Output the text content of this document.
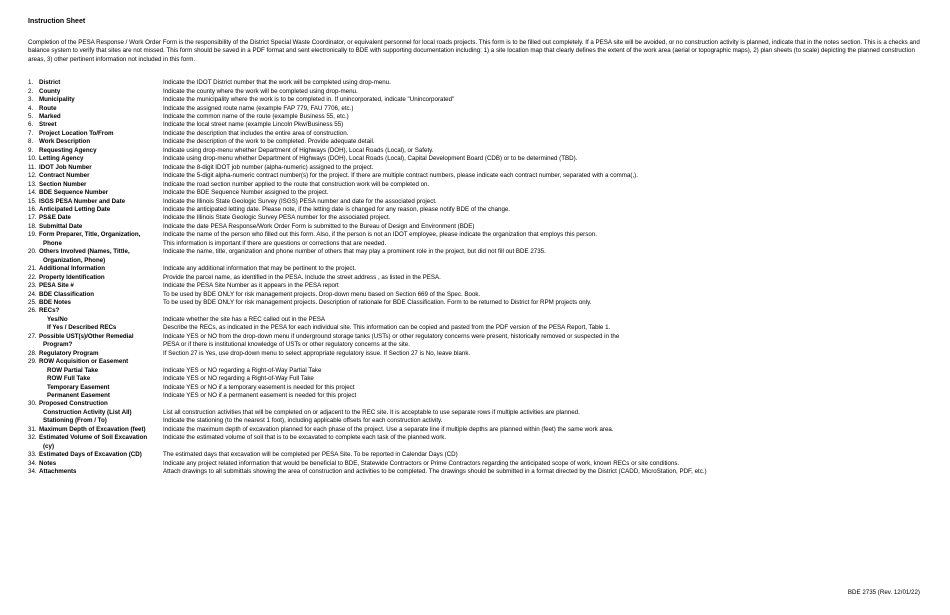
Instruction Sheet
Completion of the PESA Response / Work Order Form is the responsibility of the District Special Waste Coordinator, or equivalent personnel for local roads projects. This form is to be filled out completely. If a PESA site will be avoided, or no construction activity is planned, indicate that in the notes section. This is a checks and balance system to verify that sites are not missed. This form should be saved in a PDF format and sent electronically to BDE with supporting documentation including: 1) a site location map that clearly defines the extent of the work area (aerial or topographic maps), 2) plan sheets (to scale) depicting the planned construction areas, 3) other pertinent information not included in this form.
1. District	Indicate the IDOT District number that the work will be completed using drop-menu.
2. County	Indicate the county where the work will be completed using drop-menu.
3. Municipality	Indicate the municipality where the work is to be completed in. If unincorporated, indicate "Unincorporated"
4. Route	Indicate the assigned route name (example FAP 779, FAU 7706, etc.)
5. Marked	Indicate the common name of the route (example Business 55, etc.)
6. Street	Indicate the local street name (example Lincoln Pkw/Business 55)
7. Project Location To/From	Indicate the description that includes the entire area of construction.
8. Work Description	Indicate the description of the work to be completed. Provide adequate detail.
9. Requesting Agency	Indicate using drop-menu whether Department of Highways (DOH), Local Roads (Local), or Safety.
10. Letting Agency	Indicate using drop-menu whether Department of Highways (DOH), Local Roads (Local), Capital Development Board (CDB) or to be determined (TBD).
11. IDOT Job Number	Indicate the 8-digit IDOT job number (alpha-numeric) assigned to the project.
12. Contract Number	Indicate the 5-digit alpha-numeric contract number(s) for the project. If there are multiple contract numbers, please indicate each contract number, separated with a comma(,).
13. Section Number	Indicate the road section number applied to the route that construction work will be completed on.
14. BDE Sequence Number	Indicate the BDE Sequence Number assigned to the project.
15. ISGS PESA Number and Date	Indicate the Illinois State Geologic Survey (ISGS) PESA number and date for the associated project.
16. Anticipated Letting Date	Indicate the anticipated letting date. Please note, if the letting date is changed for any reason, please notify BDE of the change.
17. PS&E Date	Indicate the Illinois State Geologic Survey PESA number for the associated project.
18. Submittal Date	Indicate the date PESA Response/Work Order Form is submitted to the Bureau of Design and Environment (BDE)
19. Form Preparer, Title, Organization,	Indicate the name of the person who filled out this form. Also, if the person is not an IDOT employee, please indicate the organization that employs this person.
Phone	This information is important if there are questions or corrections that are needed.
20. Others Involved (Names, Tittle,	Indicate the name, title, organization and phone number of others that may play a prominent role in the project, but did not fill out BDE 2735.
Organization, Phone)
21. Additional Information	Indicate any additional information that may be pertinent to the project.
22. Property Identification	Provide the parcel name, as identified in the PESA. Include the street address , as listed in the PESA.
23. PESA Site #	Indicate the PESA Site Number as it appears in the PESA report
24. BDE Classification	To be used by BDE ONLY for risk management projects. Drop-down menu based on Section 669 of the Spec. Book.
25. BDE Notes	To be used by BDE ONLY for risk management projects. Description of rationale for BDE Classification. Form to be returned to District for RPM projects only.
26. RECs?
Yes/No	Indicate whether the site has a REC called out in the PESA
If Yes / Described RECs	Describe the RECs, as indicated in the PESA for each individual site. This information can be copied and pasted from the PDF version of the PESA Report, Table 1.
27. Possible UST(s)/Other Remedial	Indicate YES or NO from the drop-down menu if underground storage tanks (USTs) or other regulatory concerns were present, historically removed or suspected in the
Program?	PESA or if there is institutional knowledge of USTs or other regulatory concerns at the site.
28. Regulatory Program	If Section 27 is Yes, use drop-down menu to select appropriate regulatory issue. If Section 27 is No, leave blank.
29. ROW Acquisition or Easement
ROW Partial Take	Indicate YES or NO regarding a Right-of-Way Partial Take
ROW Full Take	Indicate YES or NO regarding a Right-of-Way Full Take
Temporary Easement	Indicate YES or NO if a temporary easement is needed for this project
Permanent Easement	Indicate YES or NO if a permanent easement is needed for this project
30. Proposed Construction
Construction Activity (List All)	List all construction activities that will be completed on or adjacent to the REC site. It is acceptable to use separate rows if multiple activities are planned.
Stationing (From / To)	Indicate the stationing (to the nearest 1 foot), including applicable offsets for each construction activity.
31. Maximum Depth of Excavation (feet)	Indicate the maximum depth of excavation planned for each phase of the project. Use a separate line if multiple depths are planned within (feet) the same work area.
32. Estimated Volume of Soil Excavation	Indicate the estimated volume of soil that is to be excavated to complete each task of the planned work.
(cy)
33. Estimated Days of Excavation (CD)	The estimated days that excavation will be completed per PESA Site. To be reported in Calendar Days (CD)
34. Notes	Indicate any project related information that would be beneficial to BDE, Statewide Contractors or Prime Contractors regarding the anticipated scope of work, known RECs or site conditions.
34. Attachments	Attach drawings to all submittals showing the area of construction and activities to be completed. The drawings should be submitted in a format directed by the District (CADD, MicroStation, PDF, etc.)
BDE 2735 (Rev. 12/01/22)
